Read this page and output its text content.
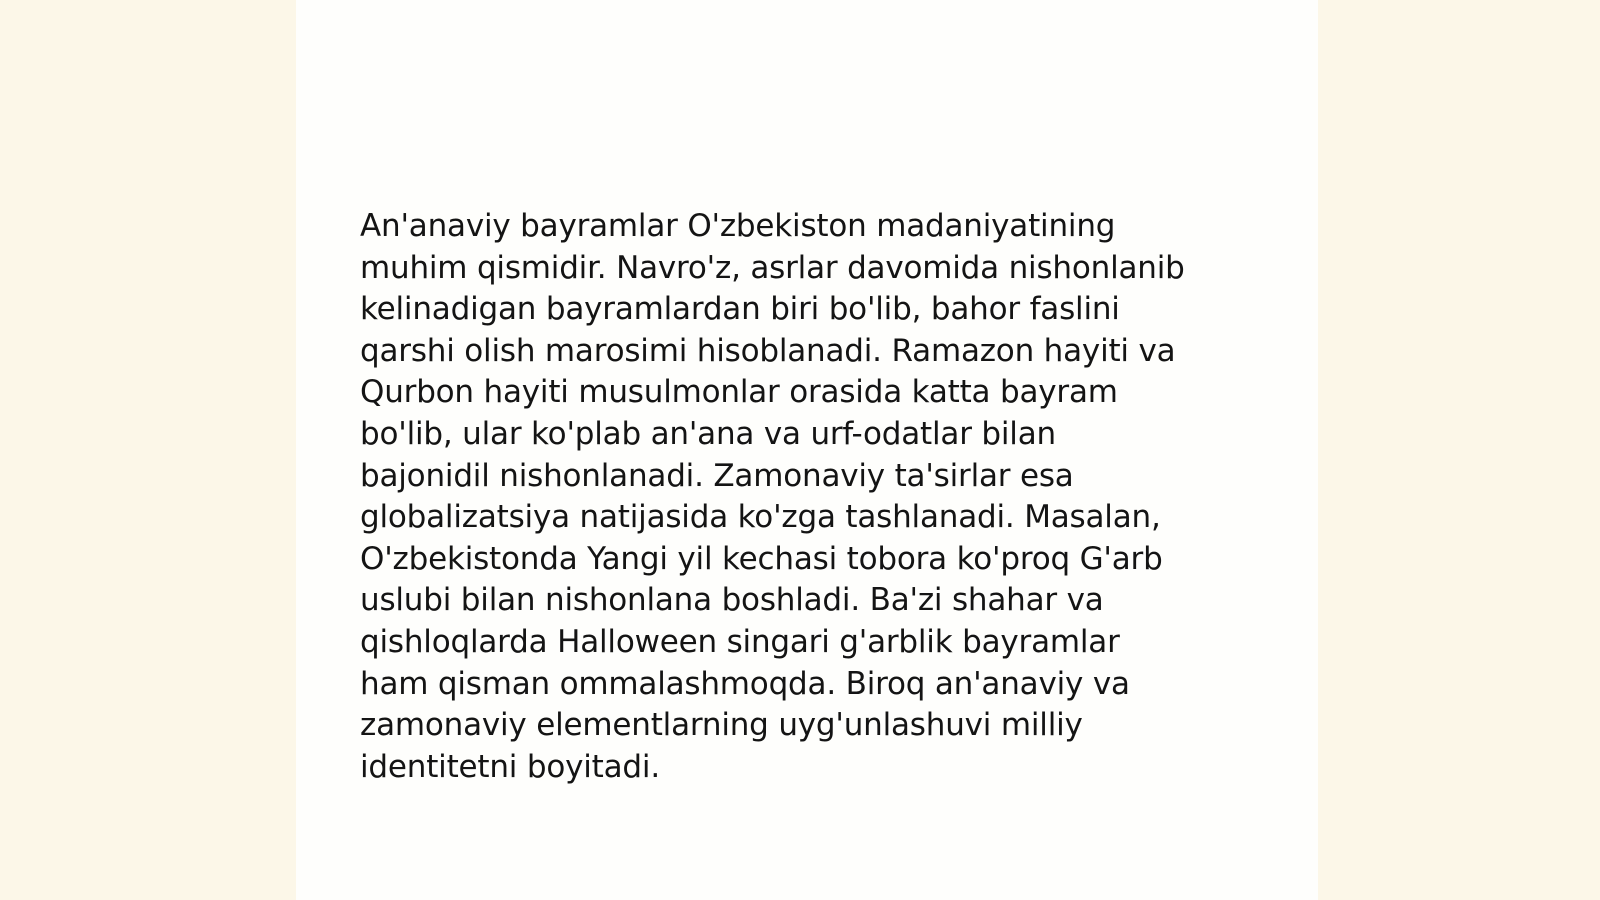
An'anaviy bayramlar O'zbekiston madaniyatining
muhim qismidir. Navro'z, asrlar davomida nishonlanib
kelinadigan bayramlardan biri bo'lib, bahor faslini
qarshi olish marosimi hisoblanadi. Ramazon hayiti va
Qurbon hayiti musulmonlar orasida katta bayram
bo'lib, ular ko'plab an'ana va urf-odatlar bilan
bajonidil nishonlanadi. Zamonaviy ta'sirlar esa
globalizatsiya natijasida ko'zga tashlanadi. Masalan,
O'zbekistonda Yangi yil kechasi tobora ko'proq G'arb
uslubi bilan nishonlana boshladi. Ba'zi shahar va
qishloqlarda Halloween singari g'arblik bayramlar
ham qisman ommalashmoqda. Biroq an'anaviy va
zamonaviy elementlarning uyg'unlashuvi milliy
identitetni boyitadi.
